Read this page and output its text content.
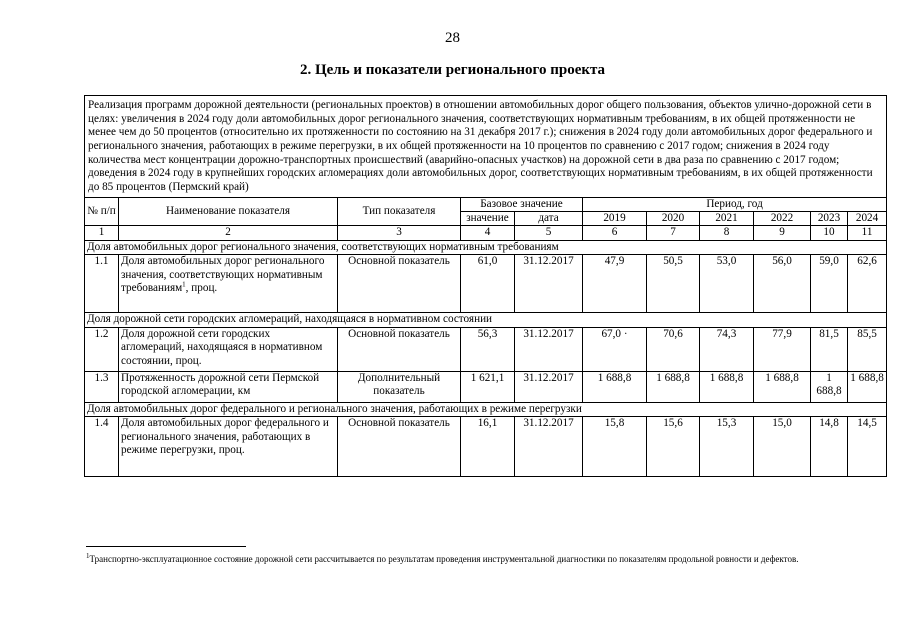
28
2. Цель и показатели регионального проекта
Реализация программ дорожной деятельности (региональных проектов) в отношении автомобильных дорог общего пользования, объектов улично-дорожной сети в целях: увеличения в 2024 году доли автомобильных дорог регионального значения, соответствующих нормативным требованиям, в их общей протяженности не менее чем до 50 процентов (относительно их протяженности по состоянию на 31 декабря 2017 г.); снижения в 2024 году доли автомобильных дорог федерального и регионального значения, работающих в режиме перегрузки, в их общей протяженности на 10 процентов по сравнению с 2017 годом; снижения в 2024 году количества мест концентрации дорожно-транспортных происшествий (аварийно-опасных участков) на дорожной сети в два раза по сравнению с 2017 годом; доведения в 2024 году в крупнейших городских агломерациях доли автомобильных дорог, соответствующих нормативным требованиям, в их общей протяженности до 85 процентов (Пермский край)										
№ п/п	Наименование показателя	Тип показателя	Базовое значение		Период, год					
			значение	дата	2019	2020	2021	2022	2023	2024
1	2	3	4	5	6	7	8	9	10	11
Доля автомобильных дорог регионального значения, соответствующих нормативным требованиям										
1.1	Доля автомобильных дорог регионального значения, соответствующих нормативным требованиям$^1$, проц.	Основной показатель	61,0	31.12.2017	47,9	50,5	53,0	56,0	59,0	62,6
Доля дорожной сети городских агломераций, находящаяся в нормативном состоянии										
1.2	Доля дорожной сети городских агломераций, находящаяся в нормативном состоянии, проц.	Основной показатель	56,3	31.12.2017	67,0 ·	70,6	74,3	77,9	81,5	85,5
1.3	Протяженность дорожной сети Пермской городской агломерации, км	Дополнительный показатель	1 621,1	31.12.2017	1 688,8	1 688,8	1 688,8	1 688,8	1 688,8	1 688,8
Доля автомобильных дорог федерального и регионального значения, работающих в режиме перегрузки										
1.4	Доля автомобильных дорог федерального и регионального значения, работающих в режиме перегрузки, проц.	Основной показатель	16,1	31.12.2017	15,8	15,6	15,3	15,0	14,8	14,5
$^1$Транспортно-эксплуатационное состояние дорожной сети рассчитывается по результатам проведения инструментальной диагностики по показателям продольной ровности и дефектов.
